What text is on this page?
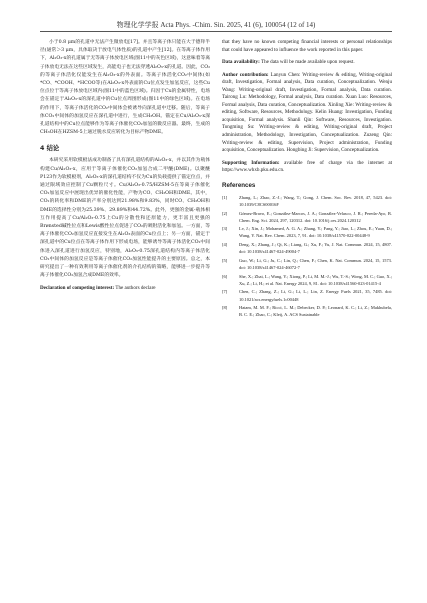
物理化学学报 Acta Phys. -Chim. Sin. 2025, 41 (6), 100054 (12 of 14)

小于0.8 μm的孔道中无法产生微放电[17]。并且等离子体只能在大于德拜半径(通常＞3 μm，具体取决于放电气体性质)的孔道中产生[12]。在等离子体作用下，Al₂O₃-x的孔道属于无等离子体放电区域(图11中的灰色区域)，这意味着等离子体放电无法在这些区域发生，高能电子也无法穿透Al₂O₃-x的孔道。因此，CO₂的等离子体活化仅能发生在Al₂O₃-x的外表面。等离子体活化CO₂中间体(如*CO、*COOH、*HCOO等)在Al₂O₃-x外表面的Cu位点发生加氢反应，这些Cu位点位于等离子体放电区域内(图11中的蓝色区域)。归因于Cu的金属特性，电场会在锚定于Al₂O₃-x的深孔道中的Cu位点周围形成(图11中的绿色区域)。在电场的作用下，等离子体活化的CO₂中间体会被诱导向深孔道中迁移。随后，等离子体CO₂中间体的加氢反应在深孔道中进行，生成CH₃OH。锚定在Cu/Al₂O₃-x深孔道结构中的Cu位点能够作为等离子体催化CO₂加氢的微反应器。最终，生成的CH₃OH在HZSM-5上通过脱水反应转化为目标产物DME。

4 结论

本研究采用软模板法成功制备了具有深孔道结构的Al₂O₃-x，并以其作为载体构建Cu/Al₂O₃-x，应用于等离子体催化CO₂加氢合成二甲醚(DME)。以聚醚P123作为软模板剂，Al₂O₃-x的深孔道结构不仅为Cu的负载提供了锚定位点，并通过限域效应控制了Cu颗粒尺寸。Cu/Al₂O₃-0.75/HZSM-5在等离子体催化CO₂加氢反应中展现出优异的催化性能，产物为CO、CH₃OH和DME。其中，CO₂的转化率和DME的产率分别达到21.98%和9.83%，同时CO、CH₃OH和DME的选择性分别为25.39%、29.89%和44.72%。此外，更强的金属-载体相互作用提高了Cu/Al₂O₃-0.75上Cu的分散性和还原能力，更丰富且更强的Brønsted碱性位点和Lewis酸性位点促进了CO₂的吸附活化和加氢。一方面，等离子体催化CO₂加氢反应直接发生在Al₂O₃表面的Cu位点上；另一方面，锚定于深孔道中的Cu位点在等离子体作用下形成电场，能够诱导等离子体活化CO₂中间体进入深孔道进行加氢反应，特别地，Al₂O₃-0.75深孔道结构内等离子体活化CO₂中间体的加氢反应是等离子体催化CO₂加氢性能提升的主要原因。总之，本研究提出了一种有效利用等离子体催化剂的介孔结构的策略，能够进一步提升等离子体催化CO₂加氢合成DME的效率。

Declaration of competing interest: The authors declare

that they have no known competing financial interests or personal relationships that could have appeared to influence the work reported in this paper.

Data availability: The data will be made available upon request.

Author contribution: Lanyun Chen: Writing-review & editing, Writing-original draft, Investigation, Formal analysis, Data curation, Conceptualization. Wenju Wang: Writing-original draft, Investigation, Formal analysis, Data curation. Tairong Lu: Methodology, Formal analysis, Data curation. Xuan Luo: Resources, Formal analysis, Data curation, Conceptualization. Xinling Xie: Writing-review & editing, Software, Resources, Methodology. Kelin Huang: Investigation, Funding acquisition, Formal analysis. Shanli Qin: Software, Resources, Investigation. Tongming Su: Writing-review & editing, Writing-original draft, Project administration, Methodology, Investigation, Conceptualization. Zuzeng Qin: Writing-review & editing, Supervision, Project administration, Funding acquisition, Conceptualization. Hongbing Ji: Supervision, Conceptualization.

Supporting Information: available free of charge via the internet at https://www.whxb.pku.edu.cn.

References
[1]	Zhang, L.; Zhao, Z.-J.; Wang, T.; Gong, J. Chem. Soc. Rev. 2018, 47, 5423. doi: 10.1039/C8CS00016F
[2]	Gómez-Bravo, E.; González-Marcos, J. A.; González-Velasco, J. R.; Pereda-Ayo, B. Chem. Eng. Sci. 2024, 297, 120312. doi: 10.1016/j.ces.2024.120312
[3]	Lv, J.; Xin, J.; Mohamed, A. G. A.; Zhang, Y.; Fang, Y.; Jiao, L.; Zhou, E.; Yuan, D.; Wang, Y. Nat. Rev. Chem. 2023, 7, 91. doi: 10.1038/s41570-022-00448-9
[4]	Deng, X.; Zhang, J.; Qi, K.; Liang, G.; Xu, F.; Yu, J. Nat. Commun. 2024, 15, 4807. doi: 10.1038/s41467-024-49004-7
[5]	Guo, W.; Li, G.; Ju, C.; Lin, Q.; Chen, F.; Chen, K. Nat. Commun. 2024, 15, 1573. doi: 10.1038/s41467-024-46072-7
[6]	She, X.; Zhai, L.; Wang, Y.; Xiong, P.; Li, M. M.-J.; Wu, T.-S.; Wong, M. C.; Guo, X.; Xu, Z.; Li, H.; et al. Nat. Energy 2024, 9, 81. doi: 10.1038/s41560-023-01415-4
[7]	Chen, C.; Zhang, Z.; Li, G.; Li, L.; Lin, Z. Energy Fuels 2021, 35, 7485. doi: 10.1021/acs.energyfuels.1c00448
[8]	Hatam, M. M. F.; Ricci, L. M.; Debecker, D. P.; Leonard, K. C.; Li, Z.; Makhubela, B. C. E.; Zhao, C.; Kleij, A. ACS Sustainable
